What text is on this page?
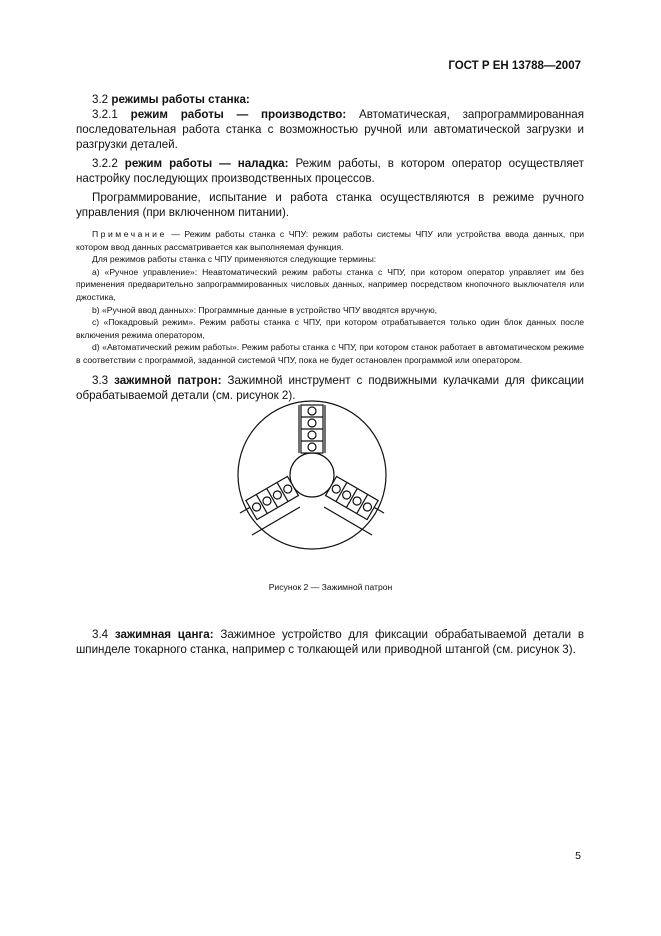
ГОСТ Р ЕН 13788—2007

3.2 режимы работы станка:

3.2.1 режим работы — производство: Автоматическая, запрограммированная последовательная работа станка с возможностью ручной или автоматической загрузки и разгрузки деталей.

3.2.2 режим работы — наладка: Режим работы, в котором оператор осуществляет настройку последующих производственных процессов.

Программирование, испытание и работа станка осуществляются в режиме ручного управления (при включенном питании).

Примечание — Режим работы станка с ЧПУ: режим работы системы ЧПУ или устройства ввода данных, при котором ввод данных рассматривается как выполняемая функция.

Для режимов работы станка с ЧПУ применяются следующие термины:

a) «Ручное управление»: Неавтоматический режим работы станка с ЧПУ, при котором оператор управляет им без применения предварительно запрограммированных числовых данных, например посредством кнопочного выключателя или джостика,

b) «Ручной ввод данных»: Программные данные в устройство ЧПУ вводятся вручную,

c) «Покадровый режим». Режим работы станка с ЧПУ, при котором отрабатывается только один блок данных после включения режима оператором,

d) «Автоматический режим работы». Режим работы станка с ЧПУ, при котором станок работает в автоматическом режиме в соответствии с программой, заданной системой ЧПУ, пока не будет остановлен программой или оператором.

3.3 зажимной патрон: Зажимной инструмент с подвижными кулачками для фиксации обрабатываемой детали (см. рисунок 2).

Рисунок 2 — Зажимной патрон

3.4 зажимная цанга: Зажимное устройство для фиксации обрабатываемой детали в шпинделе токарного станка, например с толкающей или приводной штангой (см. рисунок 3).

5
